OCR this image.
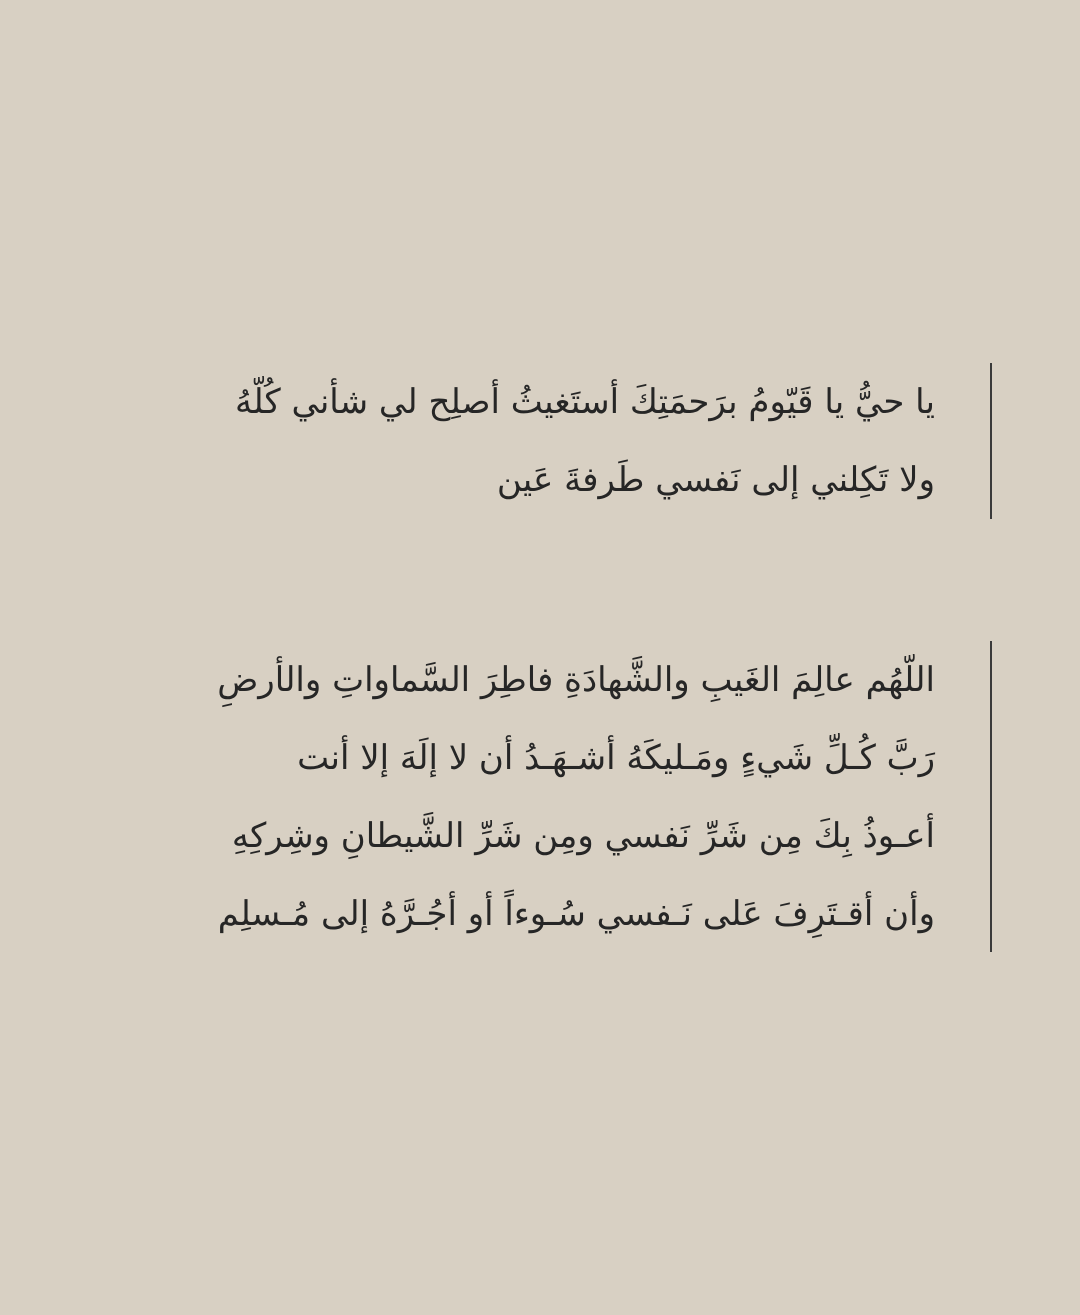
يا حيُّ يا قَيّومُ برَحمَتِكَ أستَغيثُ أصلِح لي شأني كُلّهُ
ولا تَكِلني إلى نَفسي طَرفةَ عَين
اللّهُم عالِمَ الغَيبِ والشَّهادَةِ فاطِرَ السَّماواتِ والأرضِ
رَبَّ كُـلِّ شَيءٍ ومَـليكَهُ أشـهَـدُ أن لا إلَهَ إلا أنت
أعـوذُ بِكَ مِن شَرِّ نَفسي ومِن شَرِّ الشَّيطانِ وشِركِهِ
وأن أقـتَرِفَ عَلى نَـفسي سُـوءاً أو أجُـرَّهُ إلى مُـسلِم
